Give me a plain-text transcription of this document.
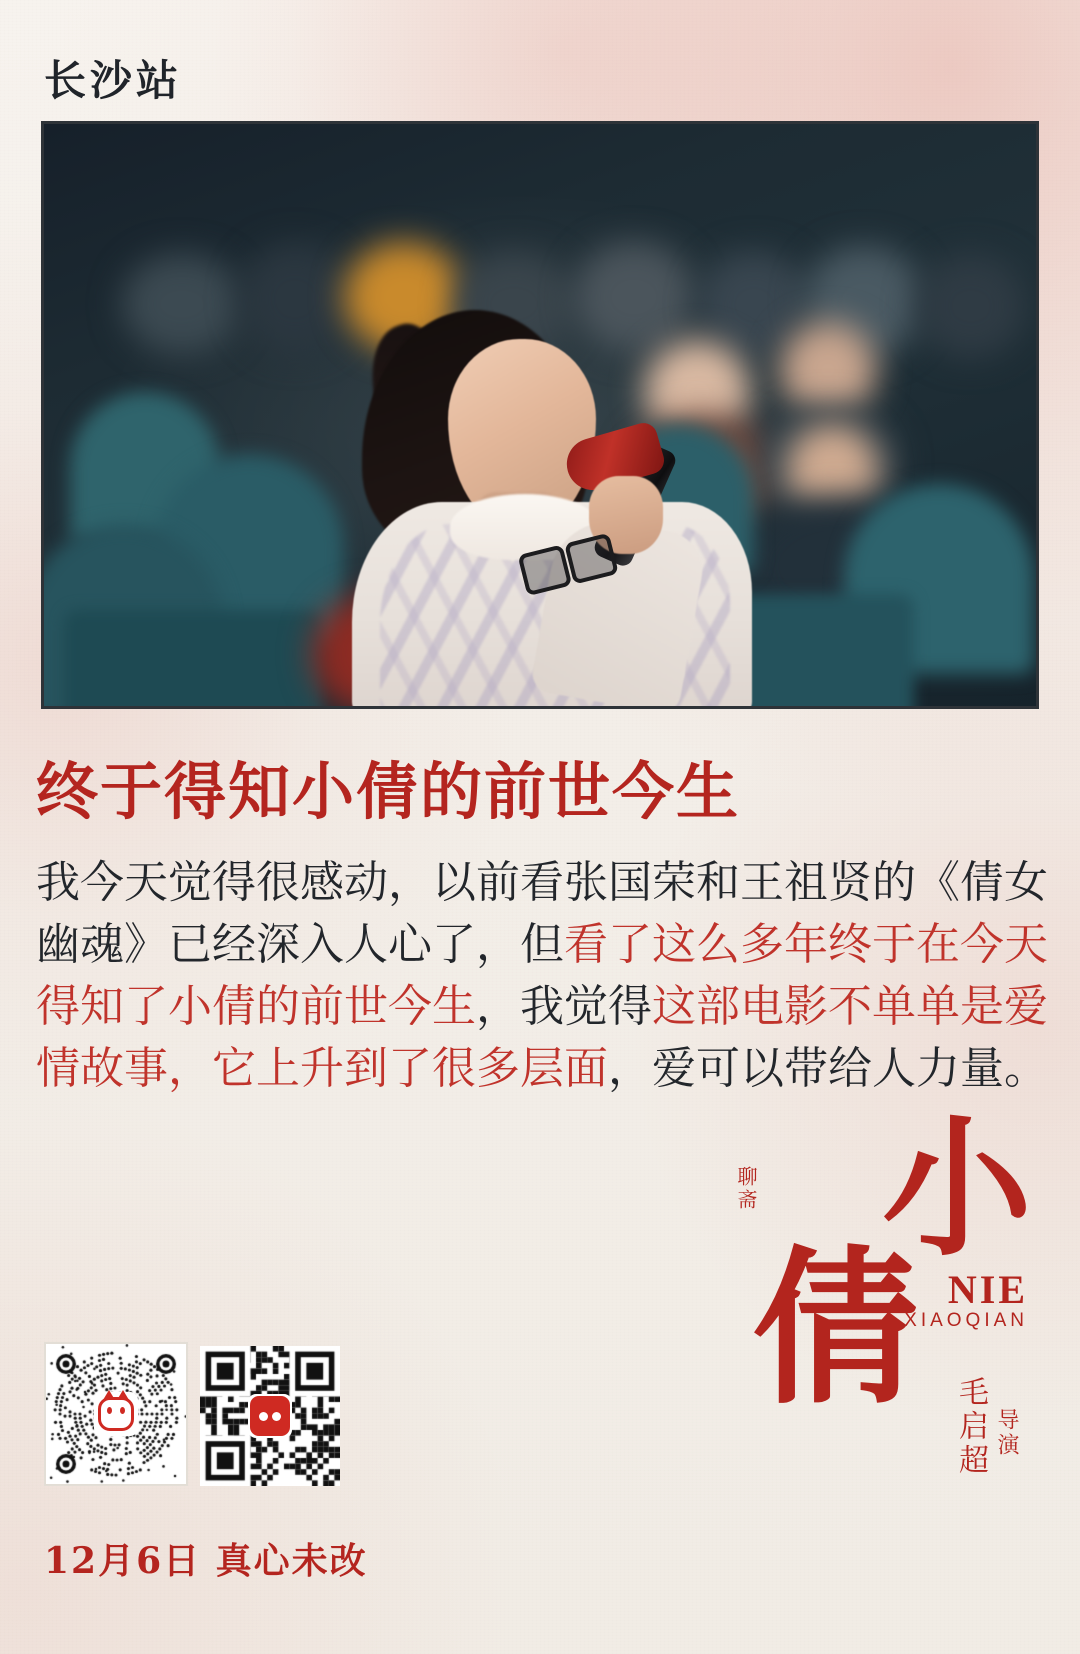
长沙站
终于得知小倩的前世今生
我今天觉得很感动，以前看张国荣和王祖贤的《倩女幽魂》已经深入人心了，但看了这么多年终于在今天得知了小倩的前世今生，我觉得这部电影不单单是爱情故事，它上升到了很多层面，爱可以带给人力量。
小
聊斋
NIE
XIAOQIAN
倩
导演
毛启超
12月6日 真心未改
